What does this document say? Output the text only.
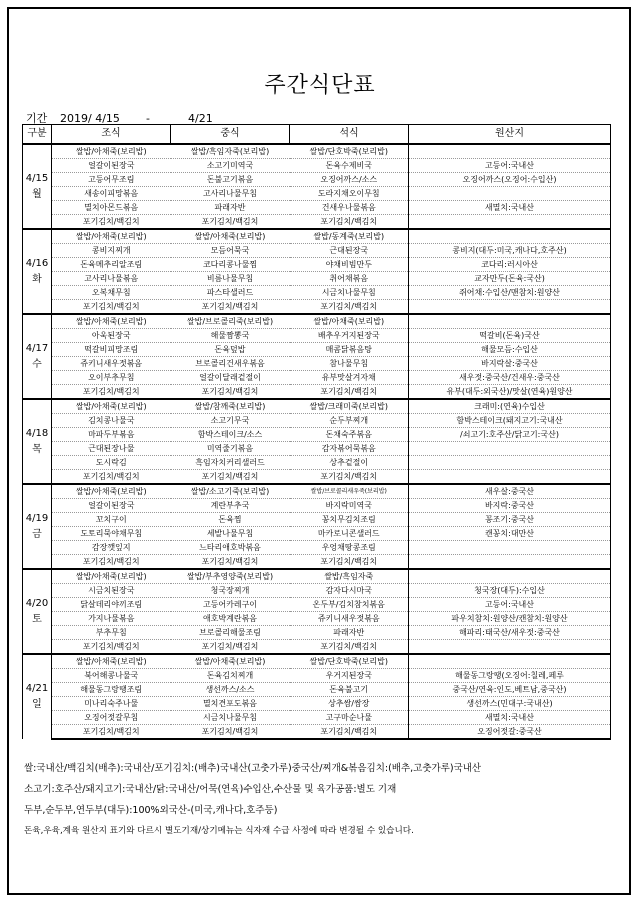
주간식단표
기간 2019/ 4/15 -	4/21
구분	조식	중식	석식	원산지
4/15
월	쌀밥/아채죽(보리밥)	쌀밥/흑임자죽(보리밥)	쌀밥/단호박죽(보리밥)	
	얼갈이된장국	소고기미역국	돈육수제비국	고등어:국내산
	고등어무조림	돈불고기볶음	오징어까스/소스	오징어까스(오징어:수입산)
	새송이피망볶음	고사리나물무침	도라지채오이무침	
	멸치아몬드볶음	파래자반	건새우나물볶음	새멸치:국내산
	포기김치/백김치	포기김치/백김치	포기김치/백김치	
4/16
화	쌀밥/아채죽(보리밥)	쌀밥/아채죽(보리밥)	쌀밥/동계죽(보리밥)	
	콩비지찌개	모듬어묵국	근대된장국	콩비지(대두:미국,캐나다,호주산)
	돈육메추리알조림	코다리콩나물찜	야채비빔만두	코다리:러시아산
	고사리나물볶음	비름나물무침	취어채볶음	교자만두(돈육:국산)
	오복채무침	파스타샐러드	시금치나물무침	쥐어채:수입산/맨참치:원양산
	포기김치/백김치	포기김치/백김치	포기김치/백김치	
4/17
수	쌀밥/아채죽(보리밥)	쌀밥/브로콜리죽(보리밥)	쌀밥/아채죽(보리밥)	
	아욱된장국	해물짬뽕국	배추우거지된장국	떡갈비(돈육)국산
	떡갈비피망조림	돈육덮밥	매콤닭볶음탕	해물모듬:수입산
	쥬키니새우젓볶음	브로콜리건새우볶음	참나물무침	바지락살:중국산
	오이부추무침	얼갈이달래겉절이	유부맛살겨자채	새우젓:중국산/건새우:중국산
	포기김치/백김치	포기김치/백김치	포기김치/백김치	유부(대두:외국산)/맛살(연육)원양산
4/18
목	쌀밥/아채죽(보리밥)	쌀밥/참깨죽(보리밥)	쌀밥/크래미죽(보리밥)	크래미:(연육)수입산
	김치콩나물국	소고기무국	순두부찌개	함박스테이크(돼지고기:국내산
	마파두부볶음	함박스테이크/소스	돈채숙주볶음	/쇠고기:호주산/닭고기:국산)
	근대된장나물	미역줄기볶음	감자볶어묵볶음	
	도시락김	흑임자치커리샐러드	상추겉절이	
	포기김치/백김치	포기김치/백김치	포기김치/백김치	
4/19
금	쌀밥/아채죽(보리밥)	쌀밥/소고기죽(보리밥)	쌀밥/브로콜리새우죽(보리밥)	새우살:중국산
	얼갈이된장국	계란부추국	바지락미역국	바지락:중국산
	꼬치구이	돈육찜	꽁치무김치조림	꽁조기:중국산
	도토리묵야채무침	세발나물무침	마카로니콘샐러드	캔꽁치:대만산
	감장깻잎지	느타리애호박볶음	우엉채땅콩조림	
	포기김치/백김치	포기김치/백김치	포기김치/백김치	
4/20
토	쌀밥/아채죽(보리밥)	쌀밥/부추영양죽(보리밥)	쌀밥/흑임자죽	
	시금치된장국	청국장찌개	감자다시마국	청국장(대두):수입산
	닭살데리야끼조림	고등어카레구이	온두부/김치참치볶음	고등어:국내산
	가지나물볶음	애호박계란볶음	쥬키니새우젓볶음	파우치참치:원양산/캔참치:원양산
	부추무침	브로콜리해물조림	파래자반	해파리:태국산/새우젓:중국산
	포기김치/백김치	포기김치/백김치	포기김치/백김치	
4/21
일	쌀밥/아채죽(보리밥)	쌀밥/아채죽(보리밥)	쌀밥/단호박죽(보리밥)	
	북어해콩나물국	돈육김치찌개	우거지된장국	해물동그랑땡(오징어:칠레,페루
	해물동그랑땡조림	생선까스/소스	돈육불고기	중국산/연육:인도,베트남,중국산)
	미나리숙주나물	멸치견포도볶음	상추쌈/쌈장	생선까스(민대구:국내산)
	오징어젓갈무침	시금치나물무침	고구마순나물	새멸치:국내산
	포기김치/백김치	포기김치/백김치	포기김치/백김치	오징어젓갈:중국산
쌀:국내산/백김치(배추):국내산/포기김치:(배추)국내산(고춧가루)중국산/찌개&볶음김치:(배추,고춧가루)국내산
소고기:호주산/돼지고기:국내산/닭:국내산/어묵(연육)수입산,수산물 및 육가공품:별도 기재
두부,순두부,연두부(대두):100%외국산-(미국,캐나다,호주등)
돈육,우육,계육 원산지 표기와 다르시 별도기재/상기메뉴는 식자재 수급 사정에 따라 변경될 수 있습니다.
